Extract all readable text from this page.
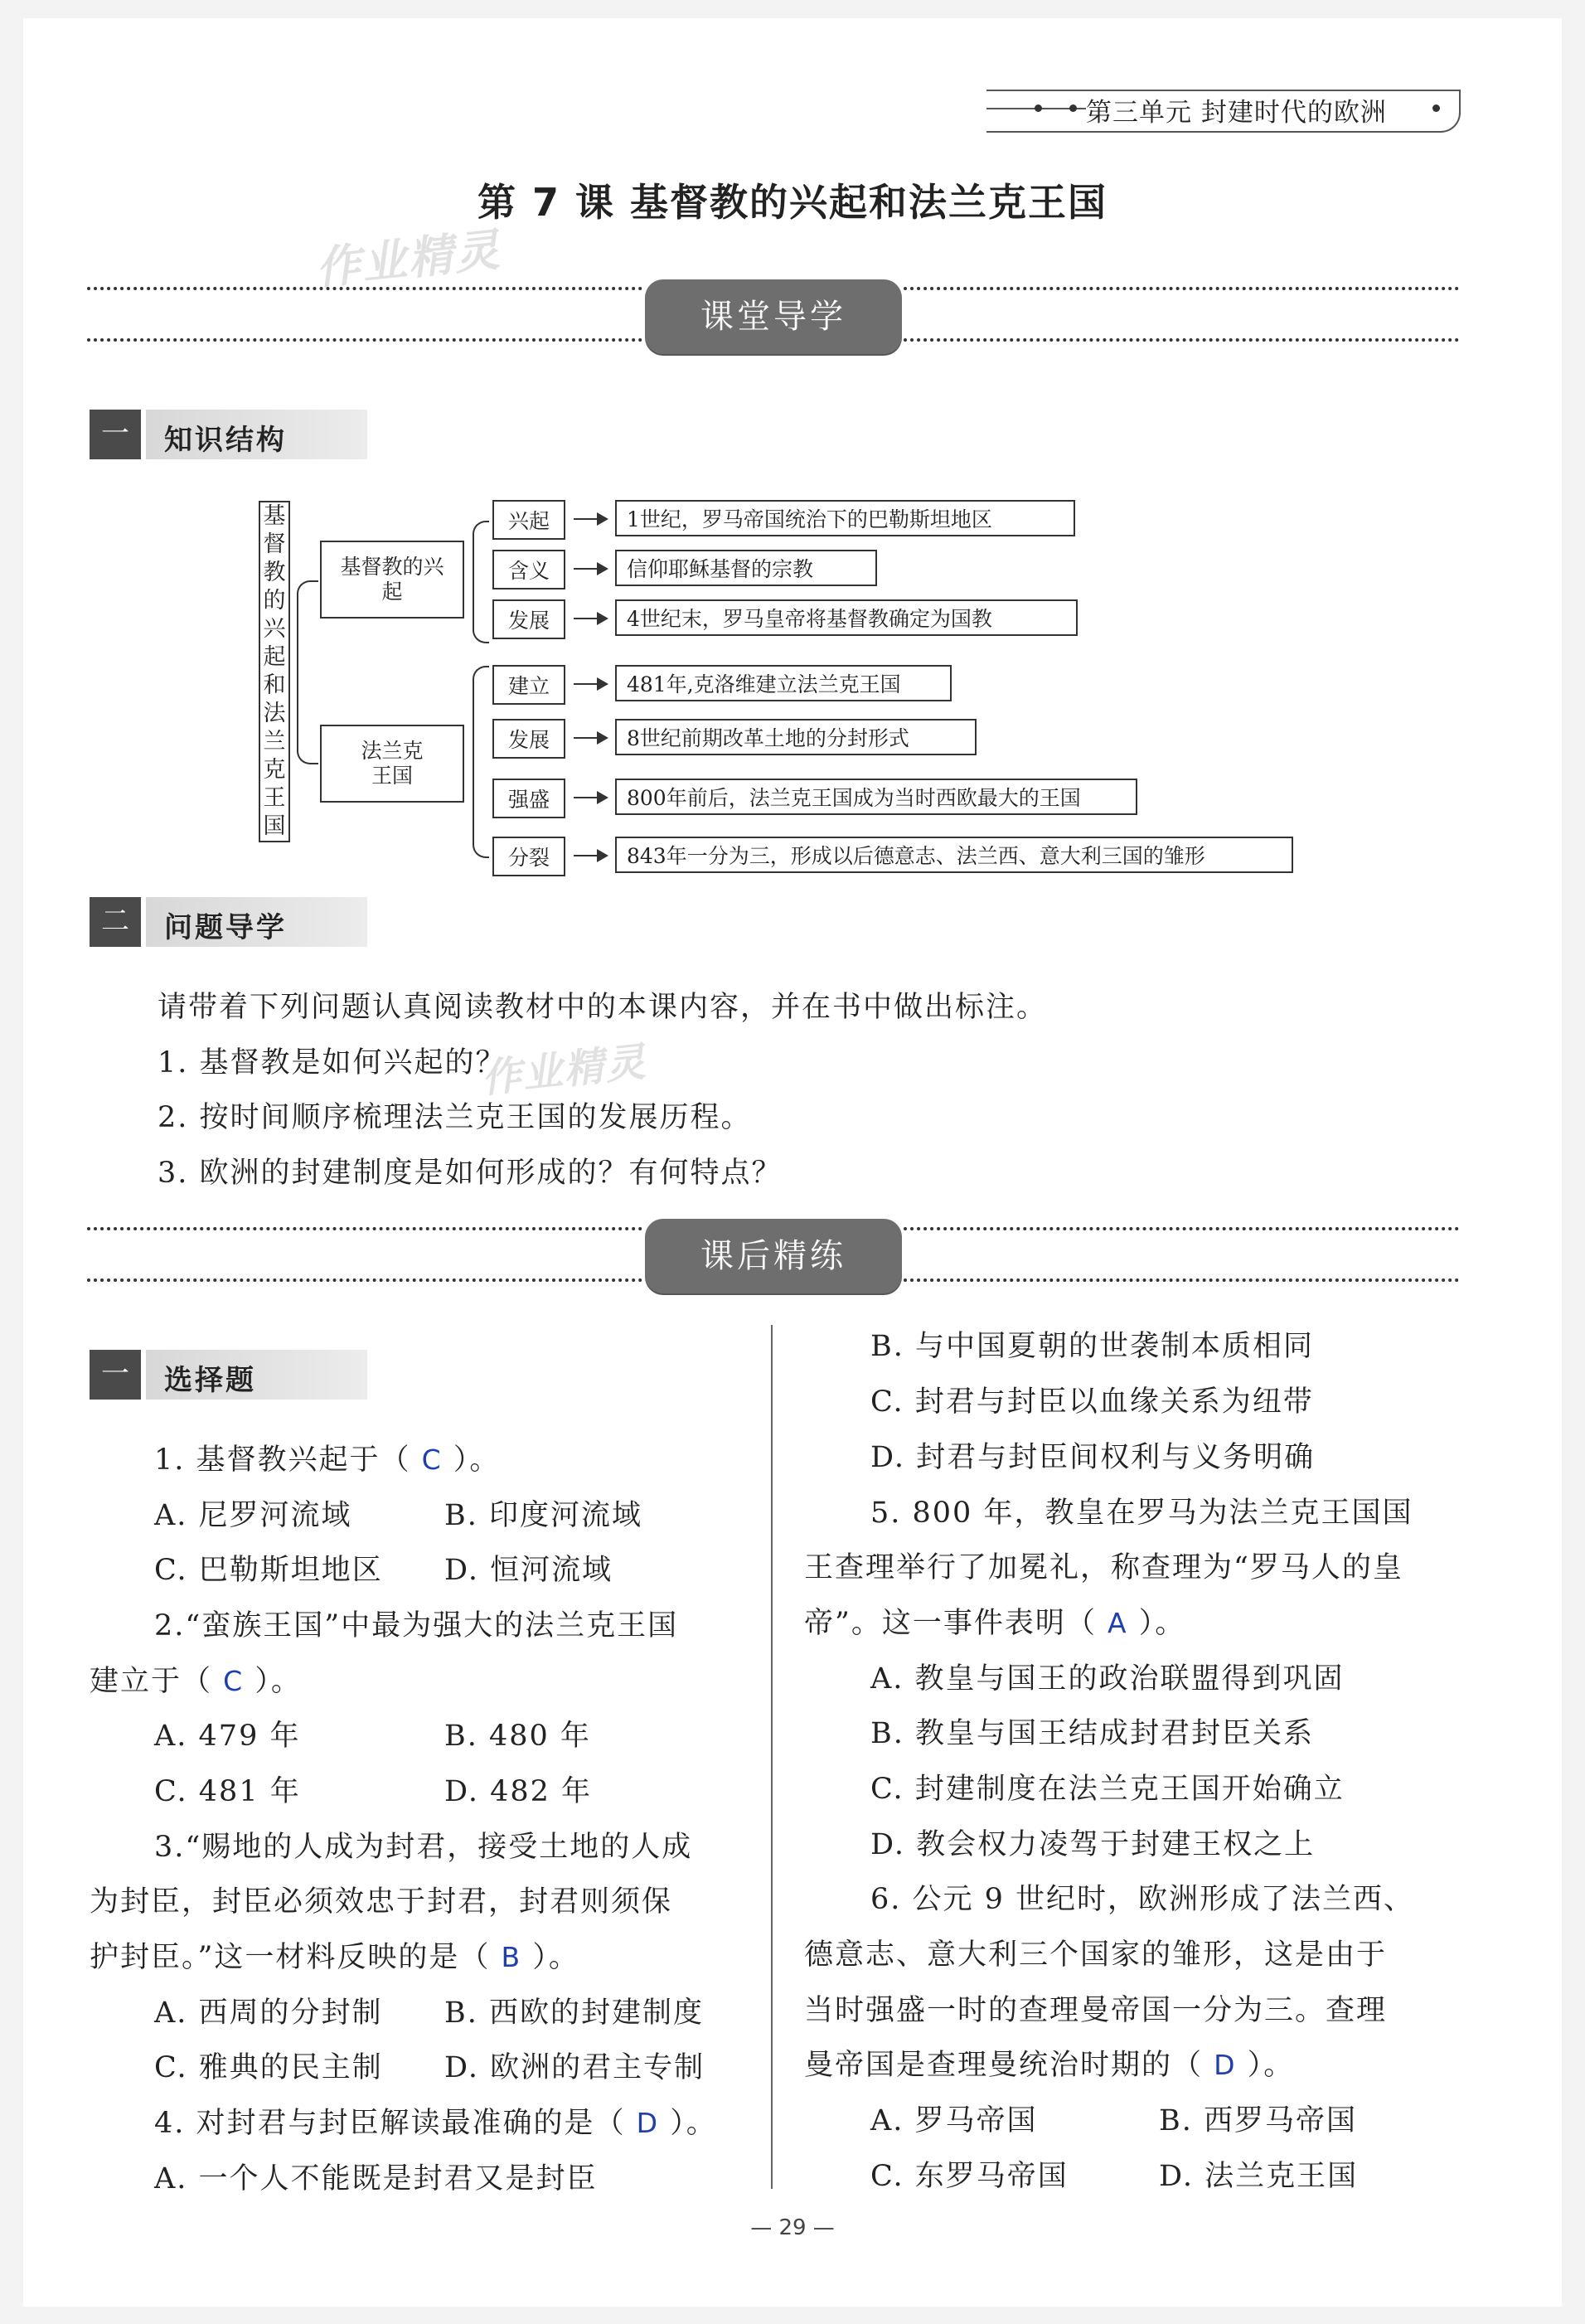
第三单元 封建时代的欧洲
第 7 课 基督教的兴起和法兰克王国
作业精灵
课堂导学
一	知识结构
基
督
教
的
兴
起
和
法
兰
克
王
国
基督教的兴起
兴起	1世纪，罗马帝国统治下的巴勒斯坦地区
含义	信仰耶稣基督的宗教
发展	4世纪末，罗马皇帝将基督教确定为国教
法兰克王国
建立	481年,克洛维建立法兰克王国
发展	8世纪前期改革土地的分封形式
强盛	800年前后，法兰克王国成为当时西欧最大的王国
分裂	843年一分为三，形成以后德意志、法兰西、意大利三国的雏形
二	问题导学
请带着下列问题认真阅读教材中的本课内容，并在书中做出标注。
1. 基督教是如何兴起的？
2. 按时间顺序梳理法兰克王国的发展历程。
3. 欧洲的封建制度是如何形成的？有何特点？
作业精灵
课后精练
一	选择题
1. 基督教兴起于（ C ）。
A. 尼罗河流域	B. 印度河流域
C. 巴勒斯坦地区 D. 恒河流域
2.“蛮族王国”中最为强大的法兰克王国
建立于（ C ）。
A. 479 年	B. 480 年
C. 481 年	D. 482 年
3.“赐地的人成为封君，接受土地的人成
为封臣，封臣必须效忠于封君，封君则须保
护封臣。”这一材料反映的是（ B ）。
A. 西周的分封制 B. 西欧的封建制度
C. 雅典的民主制 D. 欧洲的君主专制
4. 对封君与封臣解读最准确的是（ D ）。
A. 一个人不能既是封君又是封臣
B. 与中国夏朝的世袭制本质相同
C. 封君与封臣以血缘关系为纽带
D. 封君与封臣间权利与义务明确
5. 800 年，教皇在罗马为法兰克王国国
王查理举行了加冕礼，称查理为“罗马人的皇
帝”。这一事件表明（ A ）。
A. 教皇与国王的政治联盟得到巩固
B. 教皇与国王结成封君封臣关系
C. 封建制度在法兰克王国开始确立
D. 教会权力凌驾于封建王权之上
6. 公元 9 世纪时，欧洲形成了法兰西、
德意志、意大利三个国家的雏形，这是由于
当时强盛一时的查理曼帝国一分为三。查理
曼帝国是查理曼统治时期的（ D ）。
A. 罗马帝国	B. 西罗马帝国
C. 东罗马帝国	D. 法兰克王国
— 29 —
